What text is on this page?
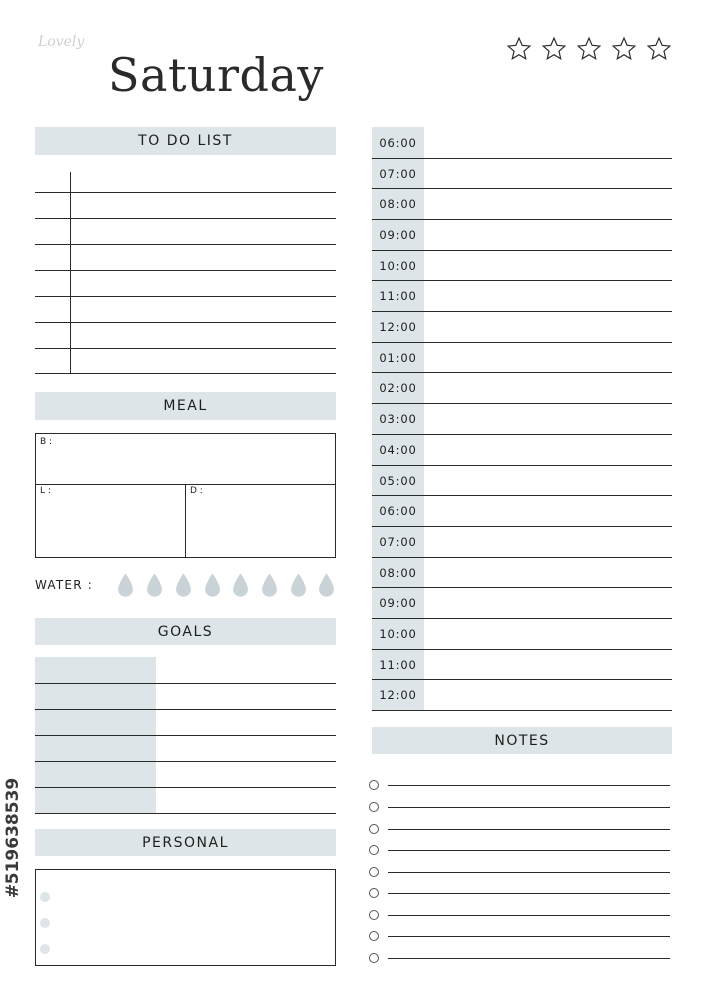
Lovely
Saturday
TO DO LIST
MEAL
B :
L :	D :
WATER :
GOALS
PERSONAL
06:00
07:00
08:00
09:00
10:00
11:00
12:00
01:00
02:00
03:00
04:00
05:00
06:00
07:00
08:00
09:00
10:00
11:00
12:00
NOTES
519638539
#
